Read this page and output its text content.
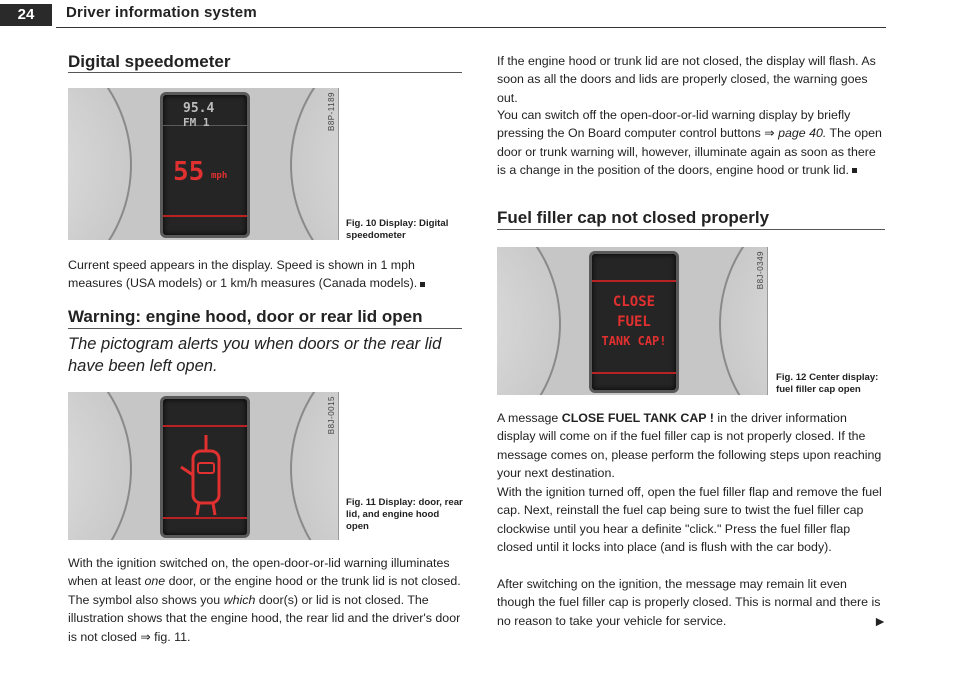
24	Driver information system
Digital speedometer
95.4
FM 1
55 mph
B8P-1189
Fig. 10 Display: Digital speedometer

Current speed appears in the display. Speed is shown in 1 mph measures (USA models) or 1 km/h measures (Canada models).

Warning: engine hood, door or rear lid open

The pictogram alerts you when doors or the rear lid have been left open.

B8J-0015
Fig. 11 Display: door, rear lid, and engine hood open

With the ignition switched on, the open-door-or-lid warning illuminates when at least one door, or the engine hood or the trunk lid is not closed. The symbol also shows you which door(s) or lid is not closed. The illustration shows that the engine hood, the rear lid and the driver's door is not closed ⇒ fig. 11.

If the engine hood or trunk lid are not closed, the display will flash. As soon as all the doors and lids are properly closed, the warning goes out.

You can switch off the open-door-or-lid warning display by briefly pressing the On Board computer control buttons ⇒ page 40. The open door or trunk warning will, however, illuminate again as soon as there is a change in the position of the doors, engine hood or trunk lid.

Fuel filler cap not closed properly
CLOSE
FUEL
TANK CAP!
B8J-0349
Fig. 12 Center display: fuel filler cap open

A message CLOSE FUEL TANK CAP ! in the driver information display will come on if the fuel filler cap is not properly closed. If the message comes on, please perform the following steps upon reaching your next destination.

With the ignition turned off, open the fuel filler flap and remove the fuel cap. Next, reinstall the fuel cap being sure to twist the fuel filler cap clockwise until you hear a definite "click." Press the fuel filler flap closed until it locks into place (and is flush with the car body).

After switching on the ignition, the message may remain lit even though the fuel filler cap is properly closed. This is normal and there is no reason to take your vehicle for service.	►
